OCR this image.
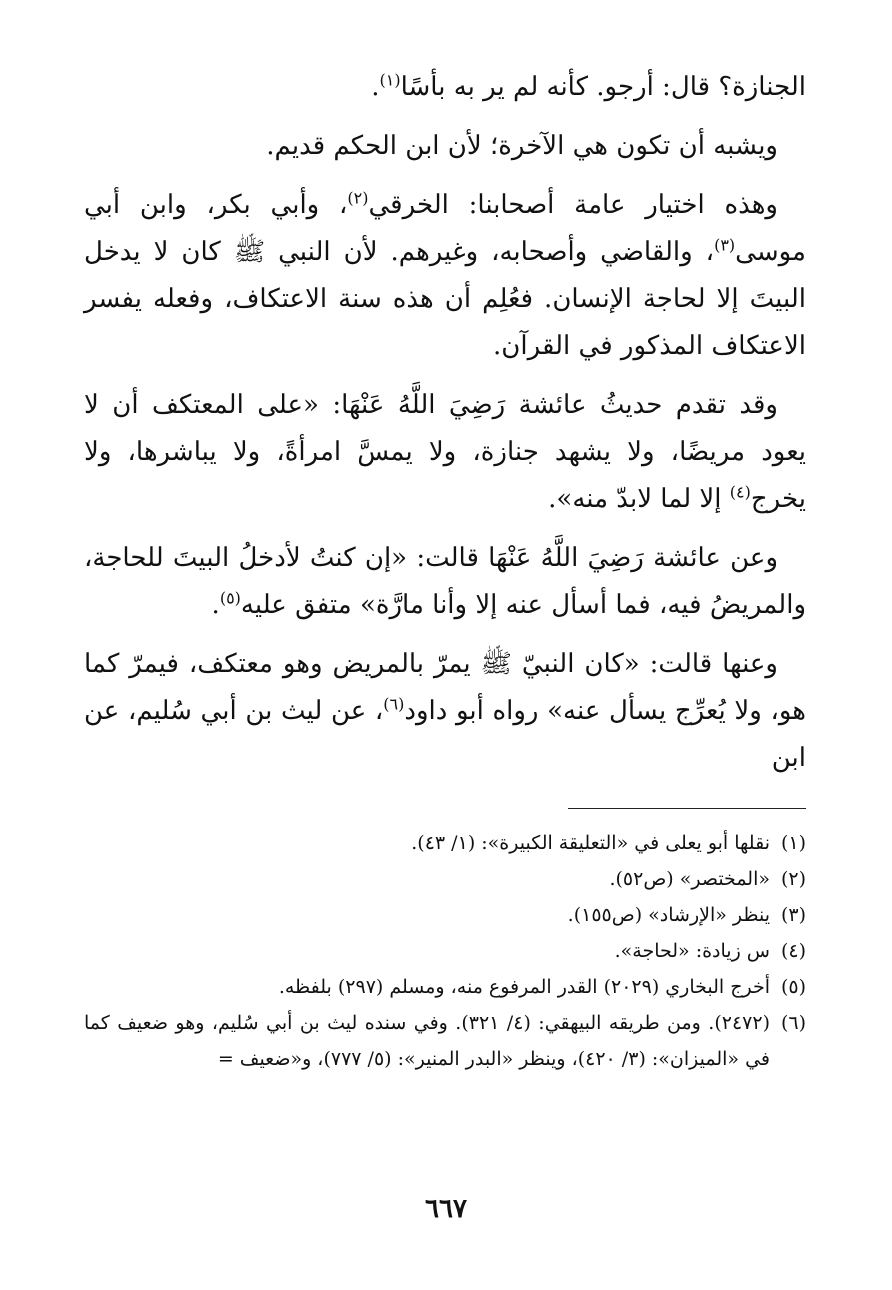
الجنازة؟ قال: أرجو. كأنه لم ير به بأسًا$^{(١)}$.

ويشبه أن تكون هي الآخرة؛ لأن ابن الحكم قديم.

وهذه اختيار عامة أصحابنا: الخرقي$^{(٢)}$، وأبي بكر، وابن أبي موسى$^{(٣)}$، والقاضي وأصحابه، وغيرهم. لأن النبي ﷺ كان لا يدخل البيتَ إلا لحاجة الإنسان. فعُلِم أن هذه سنة الاعتكاف، وفعله يفسر الاعتكاف المذكور في القرآن.

وقد تقدم حديثُ عائشة رَضِيَ اللَّهُ عَنْهَا: «على المعتكف أن لا يعود مريضًا، ولا يشهد جنازة، ولا يمسَّ امرأةً، ولا يباشرها، ولا يخرج$^{(٤)}$ إلا لما لابدّ منه».

وعن عائشة رَضِيَ اللَّهُ عَنْهَا قالت: «إن كنتُ لأدخلُ البيتَ للحاجة، والمريضُ فيه، فما أسأل عنه إلا وأنا مارَّة» متفق عليه$^{(٥)}$.

وعنها قالت: «كان النبيّ ﷺ يمرّ بالمريض وهو معتكف، فيمرّ كما هو، ولا يُعرِّج يسأل عنه» رواه أبو داود$^{(٦)}$، عن ليث بن أبي سُليم، عن ابن

(١)
نقلها أبو يعلى في «التعليقة الكبيرة»: (١/ ٤٣).
(٢)
«المختصر» (ص٥٢).
(٣)
ينظر «الإرشاد» (ص١٥٥).
(٤)
س زيادة: «لحاجة».
(٥)
أخرج البخاري (٢٠٢٩) القدر المرفوع منه، ومسلم (٢٩٧) بلفظه.
(٦)
(٢٤٧٢). ومن طريقه البيهقي: (٤/ ٣٢١). وفي سنده ليث بن أبي سُليم، وهو ضعيف كما في «الميزان»: (٣/ ٤٢٠)، وينظر «البدر المنير»: (٥/ ٧٧٧)، و«ضعيف =
٦٦٧
